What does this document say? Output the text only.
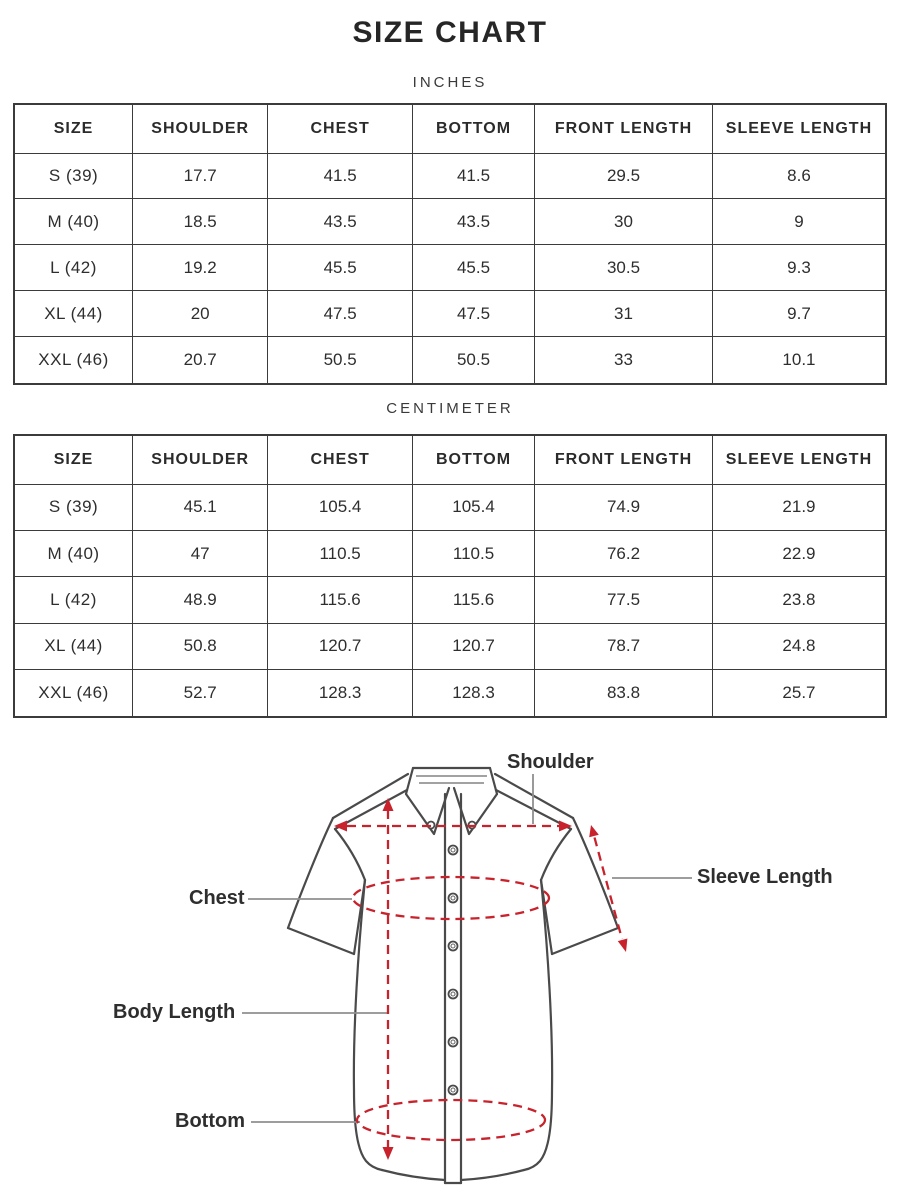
SIZE CHART
INCHES
SIZE	SHOULDER	CHEST	BOTTOM	FRONT LENGTH	SLEEVE LENGTH
S (39)	17.7	41.5	41.5	29.5	8.6
M (40)	18.5	43.5	43.5	30	9
L (42)	19.2	45.5	45.5	30.5	9.3
XL (44)	20	47.5	47.5	31	9.7
XXL (46)	20.7	50.5	50.5	33	10.1
CENTIMETER
SIZE	SHOULDER	CHEST	BOTTOM	FRONT LENGTH	SLEEVE LENGTH
S (39)	45.1	105.4	105.4	74.9	21.9
M (40)	47	110.5	110.5	76.2	22.9
L (42)	48.9	115.6	115.6	77.5	23.8
XL (44)	50.8	120.7	120.7	78.7	24.8
XXL (46)	52.7	128.3	128.3	83.8	25.7
Shoulder
Sleeve Length
Chest
Body Length
Bottom
